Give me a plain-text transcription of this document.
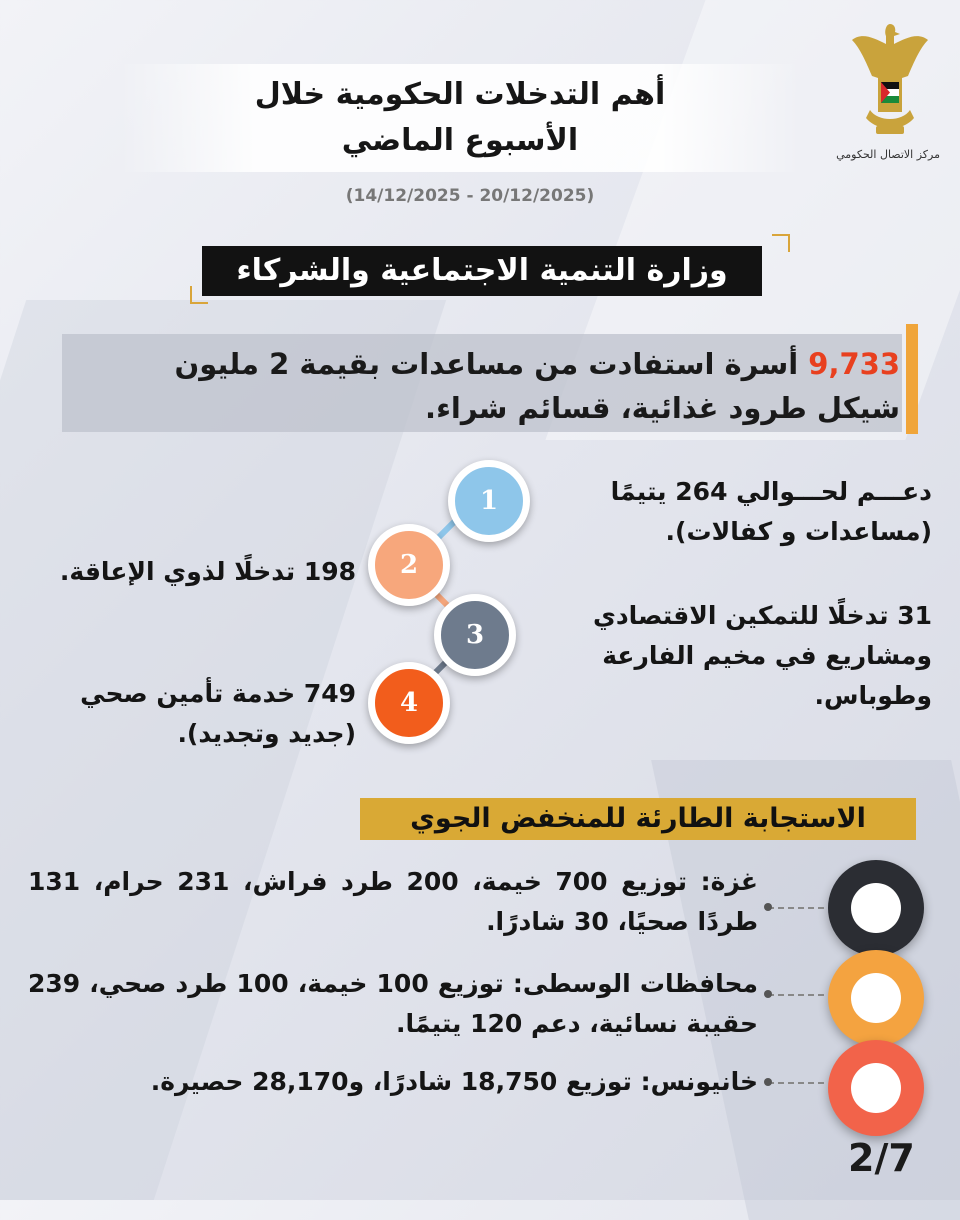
مركز الاتصال الحكومي
أهم التدخلات الحكومية خلال
الأسبوع الماضي
(14/12/2025 - 20/12/2025)
وزارة التنمية الاجتماعية والشركاء
9,733 أسرة استفادت من مساعدات بقيمة 2 مليون شيكل طرود غذائية، قسائم شراء.
1
2
3
4
دعـــم لحـــوالي 264 يتيمًا (مساعدات و كفالات).
198 تدخلًا لذوي الإعاقة.
31 تدخلًا للتمكين الاقتصادي ومشاريع في مخيم الفارعة وطوباس.
749 خدمة تأمين صحي (جديد وتجديد).
الاستجابة الطارئة للمنخفض الجوي
غزة: توزيع 700 خيمة، 200 طرد فراش، 231 حرام، 131 طردًا صحيًا، 30 شادرًا.
محافظات الوسطى: توزيع 100 خيمة، 100 طرد صحي، 239 حقيبة نسائية، دعم 120 يتيمًا.
خانيونس: توزيع 18,750 شادرًا، و28,170 حصيرة.
2/7
